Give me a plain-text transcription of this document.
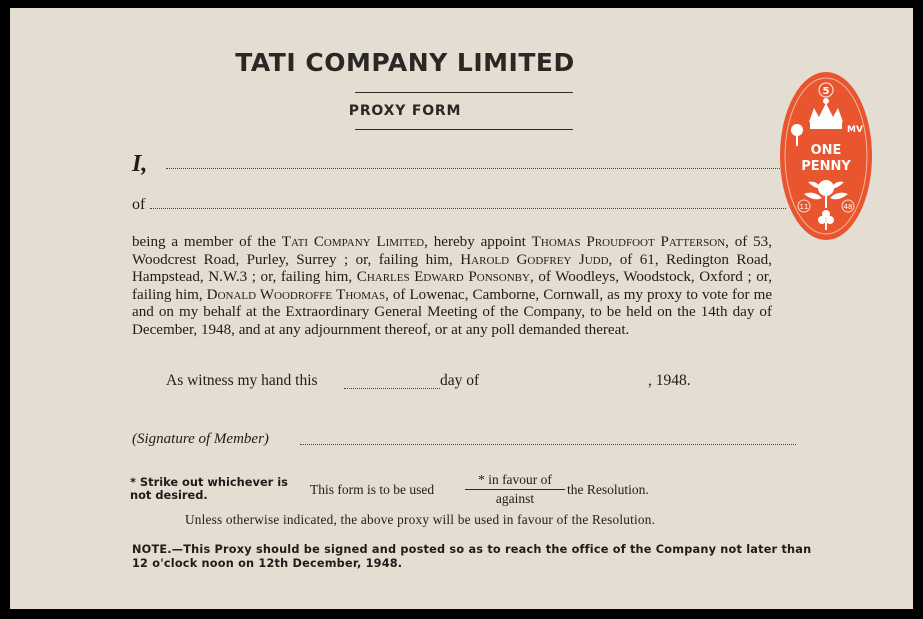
TATI COMPANY LIMITED
PROXY FORM
I,
of
being a member of the Tati Company Limited, hereby appoint Thomas Proudfoot Patterson, of 53, Woodcrest Road, Purley, Surrey ; or, failing him, Harold Godfrey Judd, of 61, Redington Road, Hampstead, N.W.3 ; or, failing him, Charles Edward Ponsonby, of Woodleys, Woodstock, Oxford ; or, failing him, Donald Woodroffe Thomas, of Lowenac, Camborne, Cornwall, as my proxy to vote for me and on my behalf at the Extraordinary General Meeting of the Company, to be held on the 14th day of December, 1948, and at any adjournment thereof, or at any poll demanded thereat.
As witness my hand this	day of	, 1948.
(Signature of Member)
* Strike out whichever is not desired.	This form is to be used
* in favour of
against
the Resolution.
Unless otherwise indicated, the above proxy will be used in favour of the Resolution.
NOTE.—This Proxy should be signed and posted so as to reach the office of the Company not later than 12 o'clock noon on 12th December, 1948.
5
MV
ONE
PENNY
11	48
